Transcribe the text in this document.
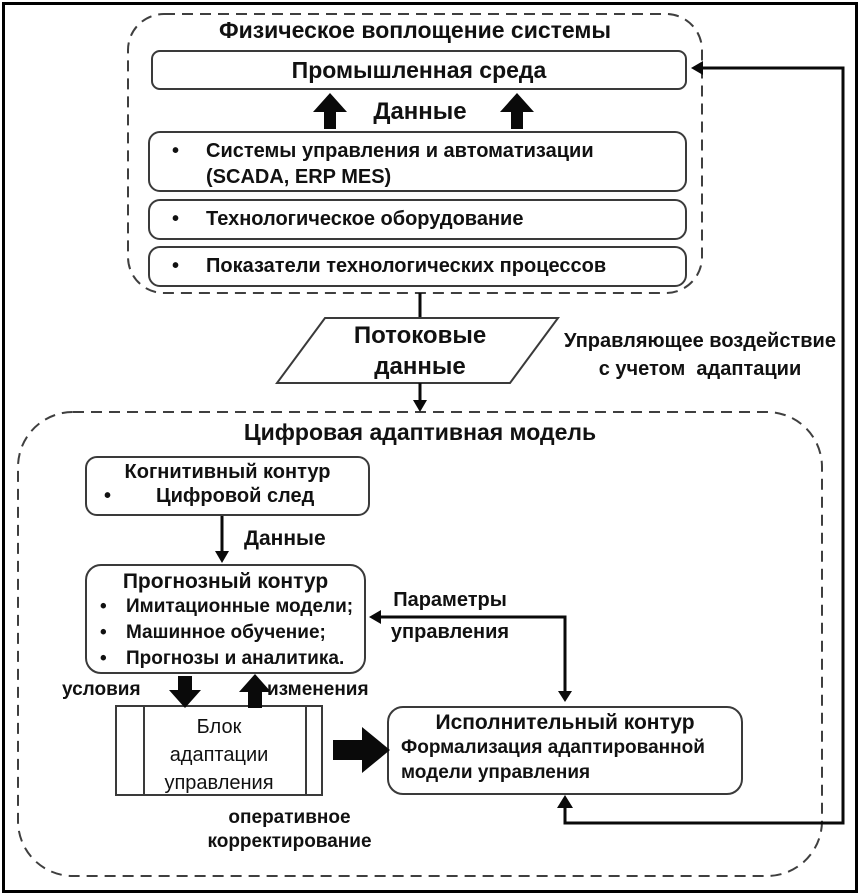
Промышленная среда
•	Системы управления и автоматизации
(SCADA, ERP MES)
•	Технологическое оборудование
•	Показатели технологических процессов
Когнитивный контур
•	Цифровой след
Прогнозный контур
•	Имитационные модели;
•	Машинное обучение;
•	Прогнозы и аналитика.
Блок
адаптации
управления
Исполнительный контур
Формализация адаптированной
модели управления
Физическое воплощение системы
Данные
Потоковые
данные
Управляющее воздействие
с учетом  адаптации
Цифровая адаптивная модель
Данные
Параметры
управления
условия	изменения
оперативное
корректирование
